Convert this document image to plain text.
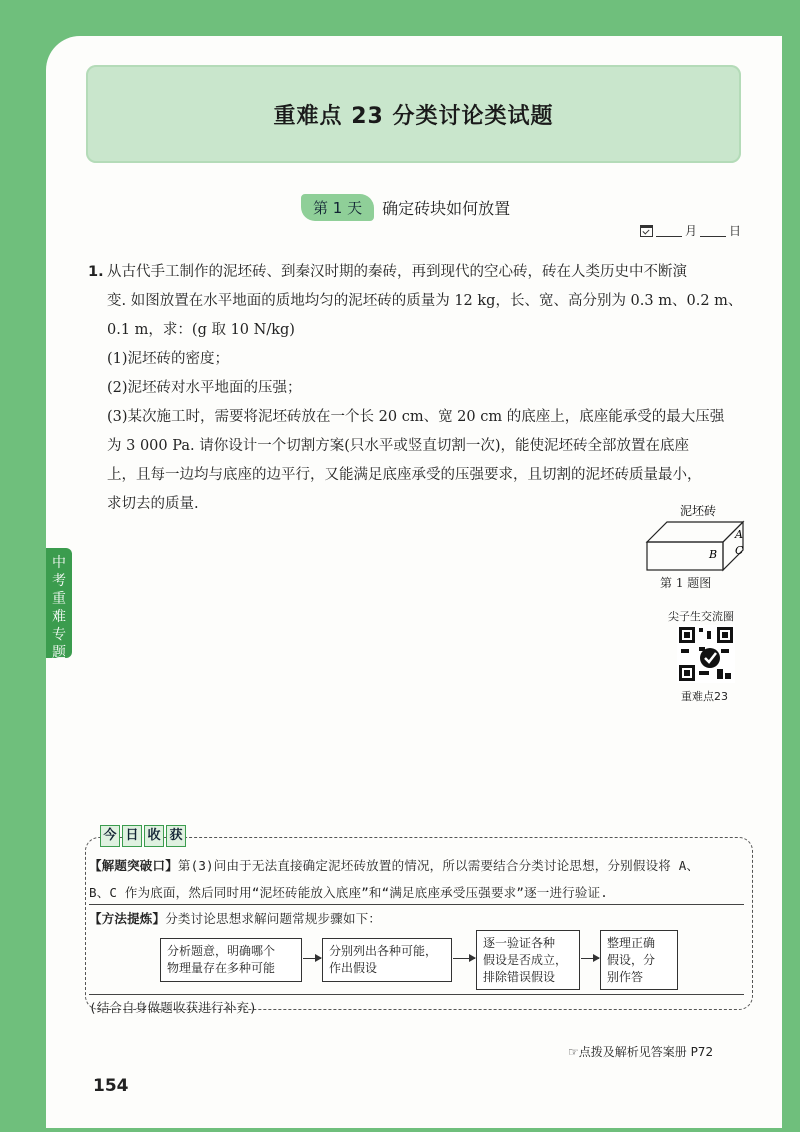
重难点 23 分类讨论类试题
第 1 天	确定砖块如何放置
月	日
1. 从古代手工制作的泥坯砖、到秦汉时期的秦砖，再到现代的空心砖，砖在人类历史中不断演
变. 如图放置在水平地面的质地均匀的泥坯砖的质量为 12 kg，长、宽、高分别为 0.3 m、0.2 m、
0.1 m，求：(g 取 10 N/kg)
(1)泥坯砖的密度；
(2)泥坯砖对水平地面的压强；
(3)某次施工时，需要将泥坯砖放在一个长 20 cm、宽 20 cm 的底座上，底座能承受的最大压强
为 3 000 Pa. 请你设计一个切割方案(只水平或竖直切割一次)，能使泥坯砖全部放置在底座
上，且每一边均与底座的边平行，又能满足底座承受的压强要求，且切割的泥坯砖质量最小，
求切去的质量.
中考重难专题
泥坯砖
A
B C
第 1 题图
尖子生交流圈
重难点23
今 日 收 获
【解题突破口】第(3)问由于无法直接确定泥坯砖放置的情况，所以需要结合分类讨论思想，分别假设将 A、
B、C 作为底面，然后同时用“泥坯砖能放入底座”和“满足底座承受压强要求”逐一进行验证.
【方法提炼】分类讨论思想求解问题常规步骤如下：
分析题意，明确哪个
物理量存在多种可能
分别列出各种可能，
作出假设
逐一验证各种
假设是否成立，
排除错误假设
整理正确
假设，分
别作答
(结合自身做题收获进行补充)
☞点拨及解析见答案册 P72
154
